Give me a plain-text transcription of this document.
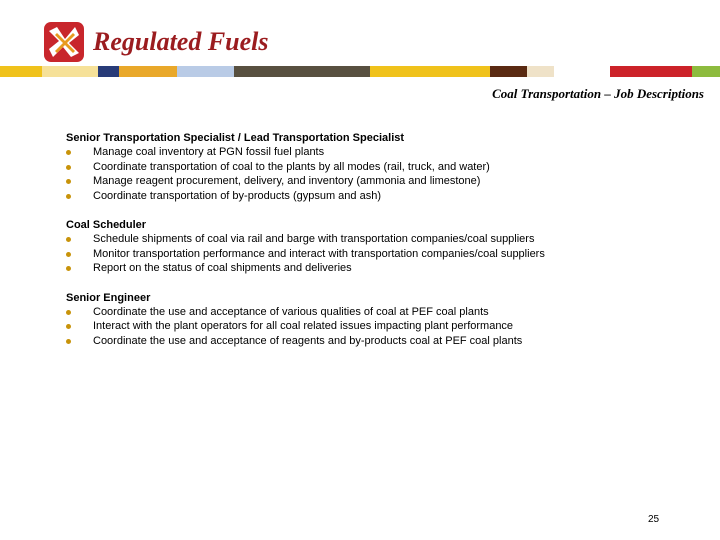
Regulated Fuels
Coal Transportation – Job Descriptions
Senior Transportation Specialist / Lead Transportation Specialist
Manage coal inventory at PGN fossil fuel plants
Coordinate transportation of coal to the plants by all modes (rail, truck, and water)
Manage reagent procurement, delivery, and inventory (ammonia and limestone)
Coordinate transportation of by-products (gypsum and ash)
Coal Scheduler
Schedule shipments of coal via rail and barge with transportation companies/coal suppliers
Monitor transportation performance and interact with transportation companies/coal suppliers
Report on the status of coal shipments and deliveries
Senior Engineer
Coordinate the use and acceptance of various qualities of coal at PEF coal plants
Interact with the plant operators for all coal related issues impacting plant performance
Coordinate the use and acceptance of reagents and by-products coal at PEF coal plants
25
